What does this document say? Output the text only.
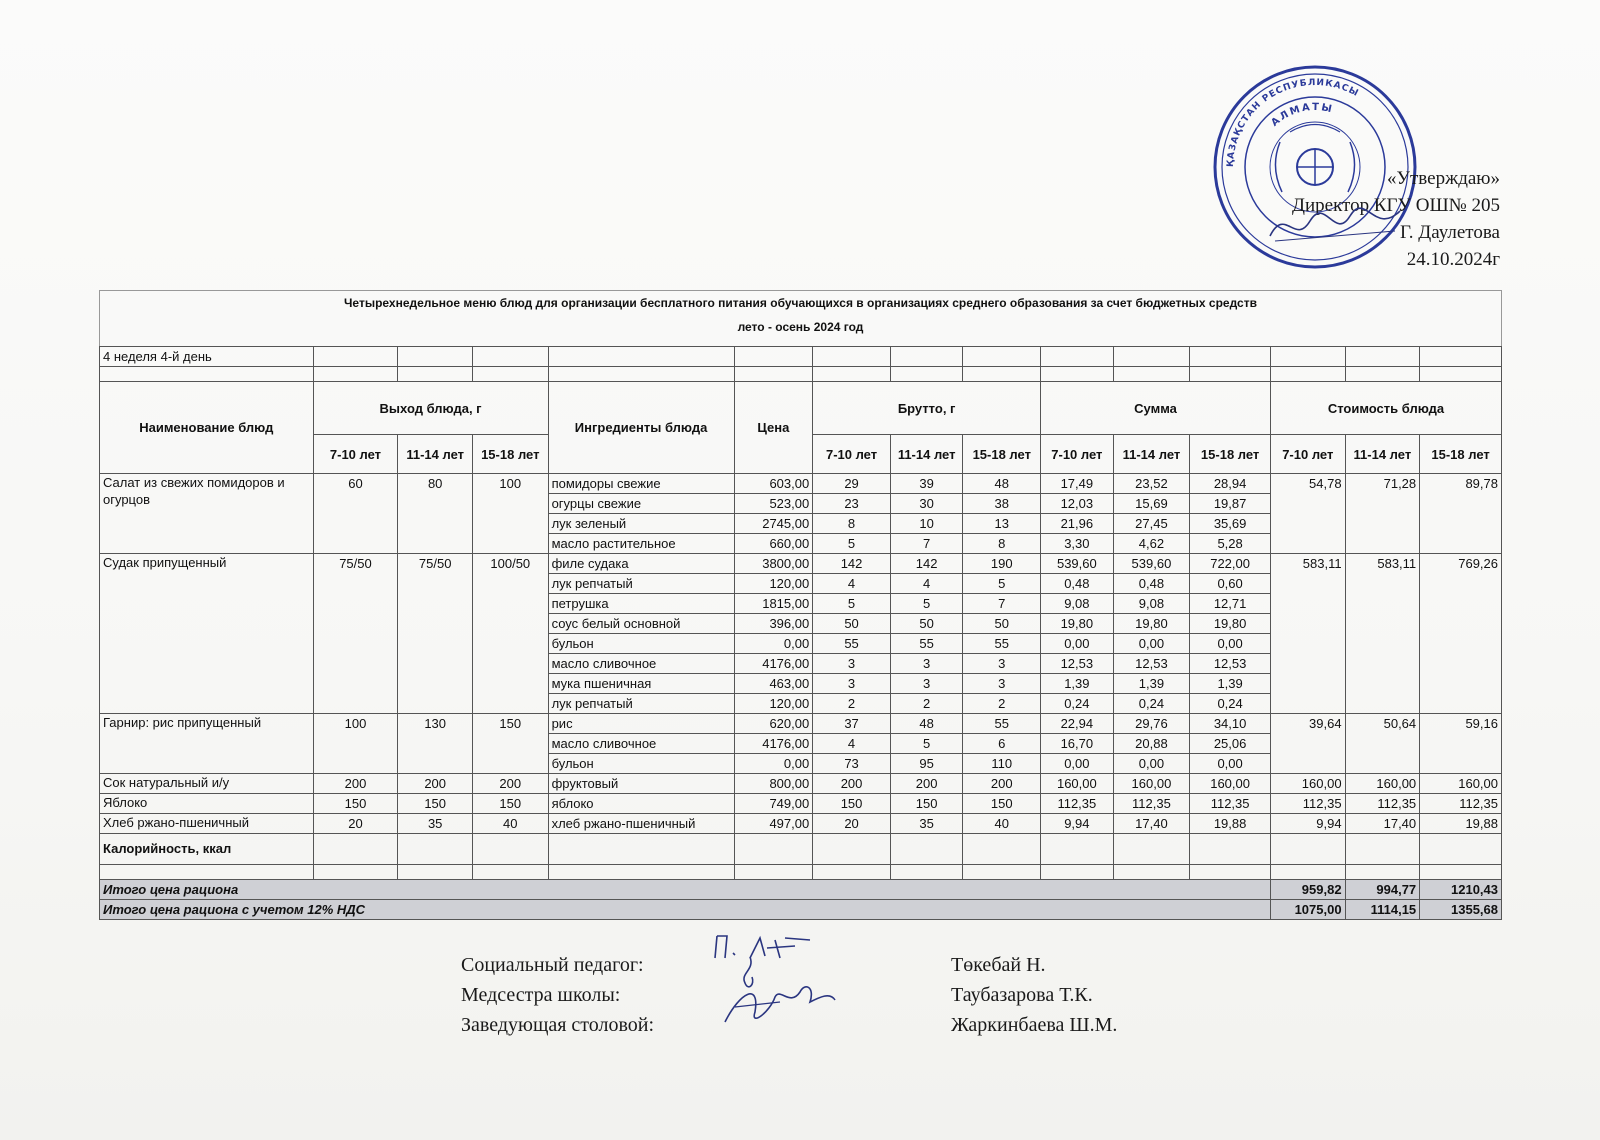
ҚАЗАҚСТАН РЕСПУБЛИКАСЫ
АЛМАТЫ
«Утверждаю»
Директор КГУ ОШ№ 205
Г. Даулетова
24.10.2024г
Четырехнедельное меню блюд для организации бесплатного питания обучающихся в организациях среднего образования за счет бюджетных средств
лето - осень 2024 год
4 неделя 4-й день														

Наименование блюд	Выход блюда, г			Ингредиенты блюда	Цена	Брутто, г			Сумма			Стоимость блюда		
	7-10 лет	11-14 лет	15-18 лет			7-10 лет	11-14 лет	15-18 лет	7-10 лет	11-14 лет	15-18 лет	7-10 лет	11-14 лет	15-18 лет
Салат из свежих помидоров и огурцов	60	80	100	помидоры свежие	603,00	29	39	48	17,49	23,52	28,94	54,78	71,28	89,78
				огурцы свежие	523,00	23	30	38	12,03	15,69	19,87			
				лук зеленый	2745,00	8	10	13	21,96	27,45	35,69			
				масло растительное	660,00	5	7	8	3,30	4,62	5,28			
Судак припущенный	75/50	75/50	100/50	филе судака	3800,00	142	142	190	539,60	539,60	722,00	583,11	583,11	769,26
				лук репчатый	120,00	4	4	5	0,48	0,48	0,60			
				петрушка	1815,00	5	5	7	9,08	9,08	12,71			
				соус белый основной	396,00	50	50	50	19,80	19,80	19,80			
				бульон	0,00	55	55	55	0,00	0,00	0,00			
				масло сливочное	4176,00	3	3	3	12,53	12,53	12,53			
				мука пшеничная	463,00	3	3	3	1,39	1,39	1,39			
				лук репчатый	120,00	2	2	2	0,24	0,24	0,24			
Гарнир: рис припущенный	100	130	150	рис	620,00	37	48	55	22,94	29,76	34,10	39,64	50,64	59,16
				масло сливочное	4176,00	4	5	6	16,70	20,88	25,06			
				бульон	0,00	73	95	110	0,00	0,00	0,00			
Сок натуральный и/у	200	200	200	фруктовый	800,00	200	200	200	160,00	160,00	160,00	160,00	160,00	160,00
Яблоко	150	150	150	яблоко	749,00	150	150	150	112,35	112,35	112,35	112,35	112,35	112,35
Хлеб ржано-пшеничный	20	35	40	хлеб ржано-пшеничный	497,00	20	35	40	9,94	17,40	19,88	9,94	17,40	19,88
Калорийность, ккал														

Итого цена рациона												959,82	994,77	1210,43
Итого цена рациона с учетом 12% НДС												1075,00	1114,15	1355,68
Социальный педагог:	Төкебай Н.
Медсестра школы:	Таубазарова Т.К.
Заведующая столовой:	Жаркинбаева Ш.М.
